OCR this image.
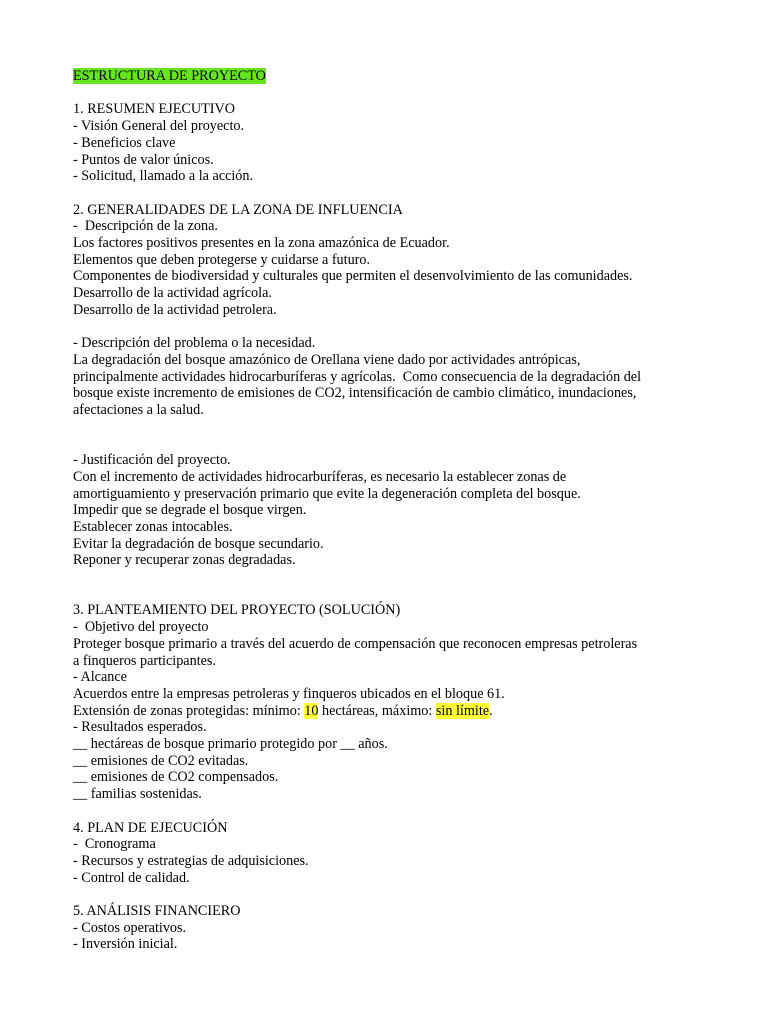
ESTRUCTURA DE PROYECTO
1. RESUMEN EJECUTIVO
- Visión General del proyecto.
- Beneficios clave
- Puntos de valor únicos.
- Solicitud, llamado a la acción.
2. GENERALIDADES DE LA ZONA DE INFLUENCIA
-  Descripción de la zona.
Los factores positivos presentes en la zona amazónica de Ecuador.
Elementos que deben protegerse y cuidarse a futuro.
Componentes de biodiversidad y culturales que permiten el desenvolvimiento de las comunidades.
Desarrollo de la actividad agrícola.
Desarrollo de la actividad petrolera.
- Descripción del problema o la necesidad.
La degradación del bosque amazónico de Orellana viene dado por actividades antrópicas,
principalmente actividades hidrocarburíferas y agrícolas.  Como consecuencia de la degradación del
bosque existe incremento de emisiones de CO2, intensificación de cambio climático, inundaciones,
afectaciones a la salud.
- Justificación del proyecto.
Con el incremento de actividades hidrocarburíferas, es necesario la establecer zonas de
amortiguamiento y preservación primario que evite la degeneración completa del bosque.
Impedir que se degrade el bosque virgen.
Establecer zonas intocables.
Evitar la degradación de bosque secundario.
Reponer y recuperar zonas degradadas.
3. PLANTEAMIENTO DEL PROYECTO (SOLUCIÓN)
-  Objetivo del proyecto
Proteger bosque primario a través del acuerdo de compensación que reconocen empresas petroleras
a finqueros participantes.
- Alcance
Acuerdos entre la empresas petroleras y finqueros ubicados en el bloque 61.
Extensión de zonas protegidas: mínimo: 10 hectáreas, máximo: sin límite.
- Resultados esperados.
__ hectáreas de bosque primario protegido por __ años.
__ emisiones de CO2 evitadas.
__ emisiones de CO2 compensados.
__ familias sostenidas.
4. PLAN DE EJECUCIÓN
-  Cronograma
- Recursos y estrategias de adquisiciones.
- Control de calidad.
5. ANÁLISIS FINANCIERO
- Costos operativos.
- Inversión inicial.
